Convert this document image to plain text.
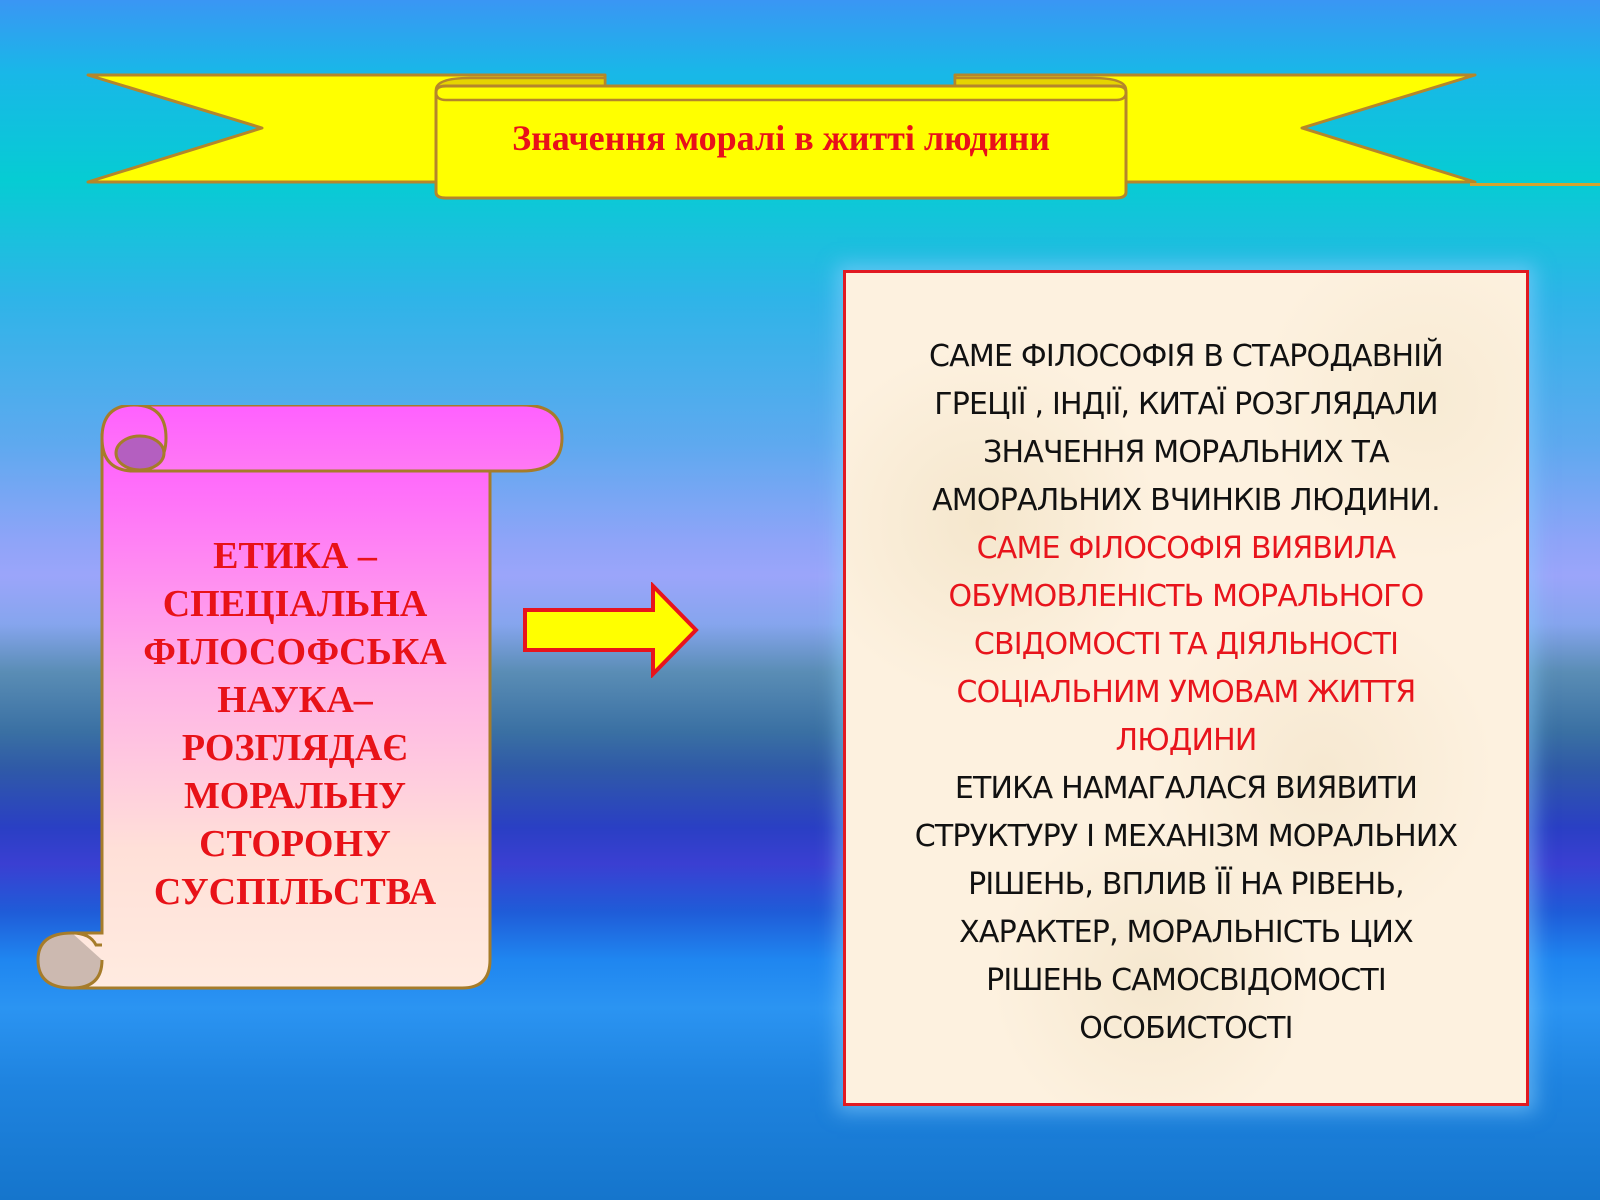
Значення моралі в житті людини

ЕТИКА –
СПЕЦІАЛЬНА
ФІЛОСОФСЬКА
НАУКА–
РОЗГЛЯДАЄ
МОРАЛЬНУ
СТОРОНУ
СУСПІЛЬСТВА

САМЕ ФІЛОСОФІЯ В СТАРОДАВНІЙ
ГРЕЦІЇ , ІНДІЇ, КИТАЇ РОЗГЛЯДАЛИ
ЗНАЧЕННЯ МОРАЛЬНИХ ТА
АМОРАЛЬНИХ ВЧИНКІВ ЛЮДИНИ.
САМЕ ФІЛОСОФІЯ ВИЯВИЛА
ОБУМОВЛЕНІСТЬ МОРАЛЬНОГО
СВІДОМОСТІ ТА ДІЯЛЬНОСТІ
СОЦІАЛЬНИМ УМОВАМ ЖИТТЯ
ЛЮДИНИ
ЕТИКА НАМАГАЛАСЯ ВИЯВИТИ
СТРУКТУРУ І МЕХАНІЗМ МОРАЛЬНИХ
РІШЕНЬ, ВПЛИВ ЇЇ НА РІВЕНЬ,
ХАРАКТЕР, МОРАЛЬНІСТЬ ЦИХ
РІШЕНЬ САМОСВІДОМОСТІ
ОСОБИСТОСТІ
